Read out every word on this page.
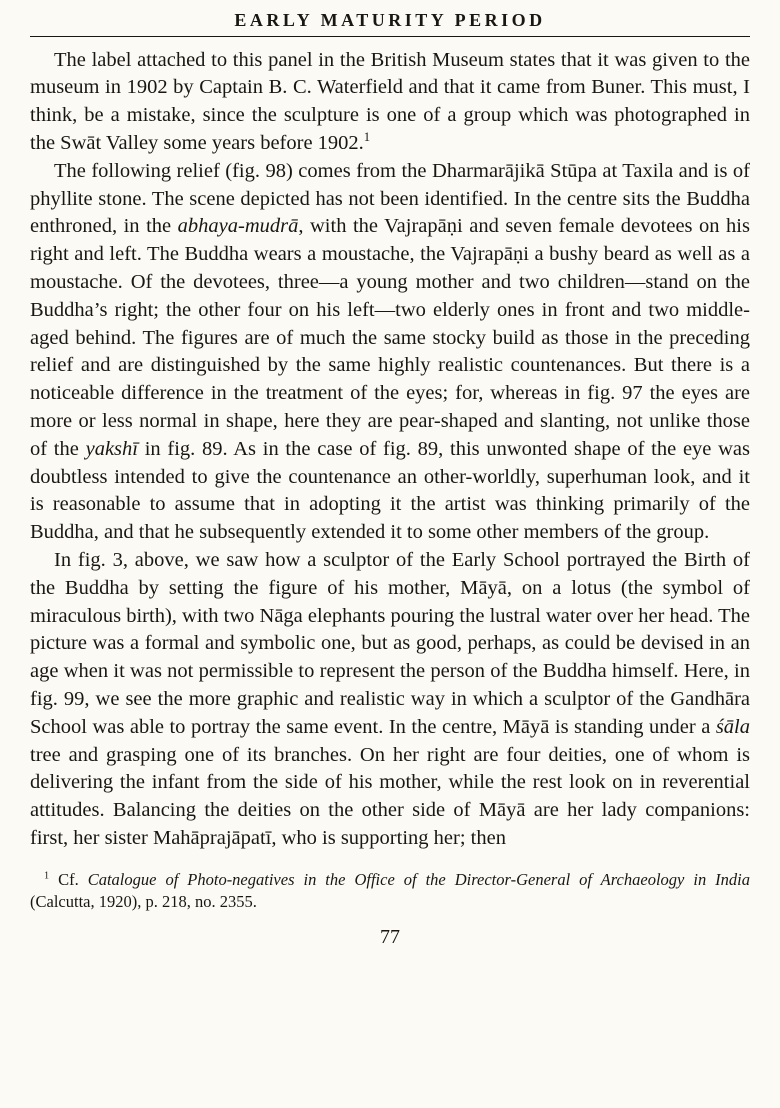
EARLY MATURITY PERIOD

The label attached to this panel in the British Museum states that it was given to the museum in 1902 by Captain B. C. Waterfield and that it came from Buner. This must, I think, be a mistake, since the sculpture is one of a group which was photographed in the Swāt Valley some years before 1902.$^1$

The following relief (fig. 98) comes from the Dharmarājikā Stūpa at Taxila and is of phyllite stone. The scene depicted has not been identified. In the centre sits the Buddha enthroned, in the abhaya-mudrā, with the Vajrapāṇi and seven female devotees on his right and left. The Buddha wears a moustache, the Vajrapāṇi a bushy beard as well as a moustache. Of the devotees, three—a young mother and two children—stand on the Buddha’s right; the other four on his left—two elderly ones in front and two middle-aged behind. The figures are of much the same stocky build as those in the preceding relief and are distinguished by the same highly realistic countenances. But there is a noticeable difference in the treatment of the eyes; for, whereas in fig. 97 the eyes are more or less normal in shape, here they are pear-shaped and slanting, not unlike those of the yakshī in fig. 89. As in the case of fig. 89, this unwonted shape of the eye was doubtless intended to give the countenance an other-worldly, superhuman look, and it is reasonable to assume that in adopting it the artist was thinking primarily of the Buddha, and that he subsequently extended it to some other members of the group.

In fig. 3, above, we saw how a sculptor of the Early School portrayed the Birth of the Buddha by setting the figure of his mother, Māyā, on a lotus (the symbol of miraculous birth), with two Nāga elephants pouring the lustral water over her head. The picture was a formal and symbolic one, but as good, perhaps, as could be devised in an age when it was not permissible to represent the person of the Buddha himself. Here, in fig. 99, we see the more graphic and realistic way in which a sculptor of the Gandhāra School was able to portray the same event. In the centre, Māyā is standing under a śāla tree and grasping one of its branches. On her right are four deities, one of whom is delivering the infant from the side of his mother, while the rest look on in reverential attitudes. Balancing the deities on the other side of Māyā are her lady companions: first, her sister Mahāprajāpatī, who is supporting her; then

$^1$ Cf. Catalogue of Photo-negatives in the Office of the Director-General of Archaeology in India (Calcutta, 1920), p. 218, no. 2355.
77
